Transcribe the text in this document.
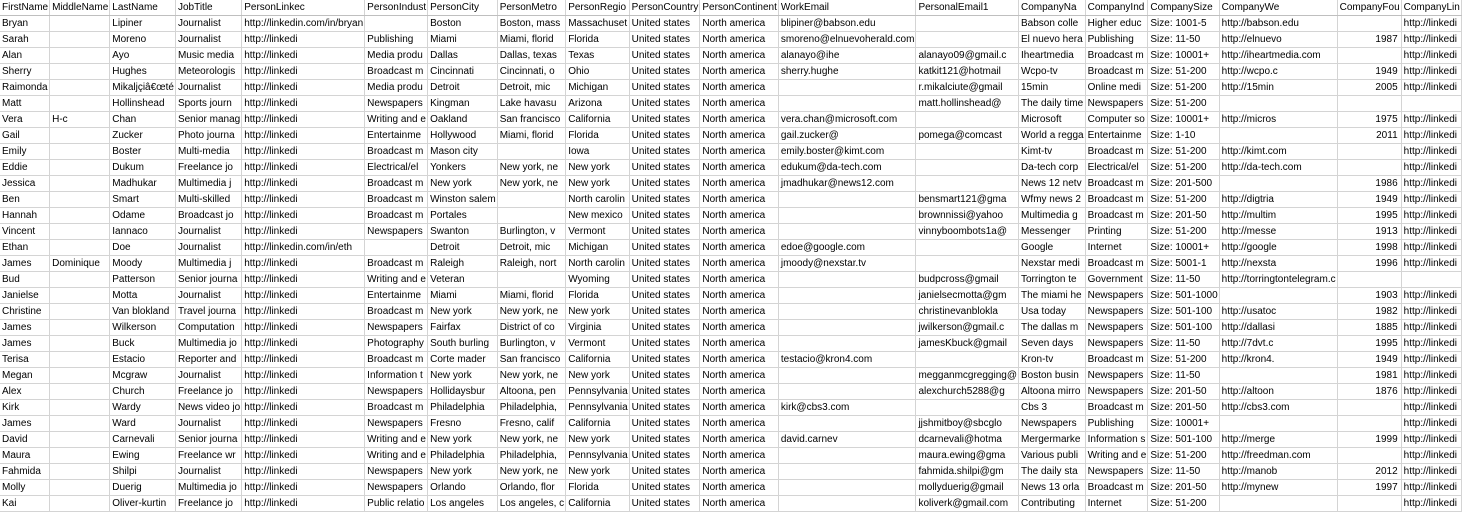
FirstName	MiddleName	LastName	JobTitle	PersonLinkec	PersonIndust	PersonCity	PersonMetro	PersonRegio	PersonCountry	PersonContinent	WorkEmail	PersonalEmail1	CompanyNa	CompanyInd	CompanySize	CompanyWe	CompanyFou	CompanyLin
Bryan		Lipiner	Journalist	http://linkedin.com/in/bryan		Boston	Boston, mass	Massachuset	United states	North america	blipiner@babson.edu		Babson colle	Higher educ	Size: 1001-5	http://babson.edu		http://linkedi
Sarah		Moreno	Journalist	http://linkedi	Publishing	Miami	Miami, florid	Florida	United states	North america	smoreno@elnuevoherald.com		El nuevo hera	Publishing	Size: 11-50	http://elnuevo	1987	http://linkedi
Alan		Ayo	Music media	http://linkedi	Media produ	Dallas	Dallas, texas	Texas	United states	North america	alanayo@ihe	alanayo09@gmail.c	Iheartmedia	Broadcast m	Size: 10001+	http://iheartmedia.com		http://linkedi
Sherry		Hughes	Meteorologis	http://linkedi	Broadcast m	Cincinnati	Cincinnati, o	Ohio	United states	North america	sherry.hughe	katkit121@hotmail	Wcpo-tv	Broadcast m	Size: 51-200	http://wcpo.c	1949	http://linkedi
Raimonda		Mikaljçiâ€œté	Journalist	http://linkedi	Media produ	Detroit	Detroit, mic	Michigan	United states	North america		r.mikalciute@gmail	15min	Online medi	Size: 51-200	http://15min	2005	http://linkedi
Matt		Hollinshead	Sports journ	http://linkedi	Newspapers	Kingman	Lake havasu	Arizona	United states	North america		matt.hollinshead@	The daily time	Newspapers	Size: 51-200			
Vera	H-c	Chan	Senior manag	http://linkedi	Writing and e	Oakland	San francisco	California	United states	North america	vera.chan@microsoft.com		Microsoft	Computer so	Size: 10001+	http://micros	1975	http://linkedi
Gail		Zucker	Photo journa	http://linkedi	Entertainme	Hollywood	Miami, florid	Florida	United states	North america	gail.zucker@	pomega@comcast	World a regga	Entertainme	Size: 1-10		2011	http://linkedi
Emily		Boster	Multi-media	http://linkedi	Broadcast m	Mason city		Iowa	United states	North america	emily.boster@kimt.com		Kimt-tv	Broadcast m	Size: 51-200	http://kimt.com		http://linkedi
Eddie		Dukum	Freelance jo	http://linkedi	Electrical/el	Yonkers	New york, ne	New york	United states	North america	edukum@da-tech.com		Da-tech corp	Electrical/el	Size: 51-200	http://da-tech.com		http://linkedi
Jessica		Madhukar	Multimedia j	http://linkedi	Broadcast m	New york	New york, ne	New york	United states	North america	jmadhukar@news12.com		News 12 netv	Broadcast m	Size: 201-500		1986	http://linkedi
Ben		Smart	Multi-skilled	http://linkedi	Broadcast m	Winston salem		North carolin	United states	North america		bensmart121@gma	Wfmy news 2	Broadcast m	Size: 51-200	http://digtria	1949	http://linkedi
Hannah		Odame	Broadcast jo	http://linkedi	Broadcast m	Portales		New mexico	United states	North america		brownnissi@yahoo	Multimedia g	Broadcast m	Size: 201-50	http://multim	1995	http://linkedi
Vincent		Iannaco	Journalist	http://linkedi	Newspapers	Swanton	Burlington, v	Vermont	United states	North america		vinnyboombots1a@	Messenger	Printing	Size: 51-200	http://messe	1913	http://linkedi
Ethan		Doe	Journalist	http://linkedin.com/in/eth		Detroit	Detroit, mic	Michigan	United states	North america	edoe@google.com		Google	Internet	Size: 10001+	http://google	1998	http://linkedi
James	Dominique	Moody	Multimedia j	http://linkedi	Broadcast m	Raleigh	Raleigh, nort	North carolin	United states	North america	jmoody@nexstar.tv		Nexstar medi	Broadcast m	Size: 5001-1	http://nexsta	1996	http://linkedi
Bud		Patterson	Senior journa	http://linkedi	Writing and e	Veteran		Wyoming	United states	North america		budpcross@gmail	Torrington te	Government	Size: 11-50	http://torringtontelegram.c		
Janielse		Motta	Journalist	http://linkedi	Entertainme	Miami	Miami, florid	Florida	United states	North america		janielsecmotta@gm	The miami he	Newspapers	Size: 501-1000		1903	http://linkedi
Christine		Van blokland	Travel journa	http://linkedi	Broadcast m	New york	New york, ne	New york	United states	North america		christinevanblokla	Usa today	Newspapers	Size: 501-100	http://usatoc	1982	http://linkedi
James		Wilkerson	Computation	http://linkedi	Newspapers	Fairfax	District of co	Virginia	United states	North america		jwilkerson@gmail.c	The dallas m	Newspapers	Size: 501-100	http://dallasi	1885	http://linkedi
James		Buck	Multimedia jo	http://linkedi	Photography	South burling	Burlington, v	Vermont	United states	North america		jamesKbuck@gmail	Seven days	Newspapers	Size: 11-50	http://7dvt.c	1995	http://linkedi
Terisa		Estacio	Reporter and	http://linkedi	Broadcast m	Corte mader	San francisco	California	United states	North america	testacio@kron4.com		Kron-tv	Broadcast m	Size: 51-200	http://kron4.	1949	http://linkedi
Megan		Mcgraw	Journalist	http://linkedi	Information t	New york	New york, ne	New york	United states	North america		megganmcgregging@	Boston busin	Newspapers	Size: 11-50		1981	http://linkedi
Alex		Church	Freelance jo	http://linkedi	Newspapers	Hollidaysbur	Altoona, pen	Pennsylvania	United states	North america		alexchurch5288@g	Altoona mirro	Newspapers	Size: 201-50	http://altoon	1876	http://linkedi
Kirk		Wardy	News video jo	http://linkedi	Broadcast m	Philadelphia	Philadelphia,	Pennsylvania	United states	North america	kirk@cbs3.com		Cbs 3	Broadcast m	Size: 201-50	http://cbs3.com		http://linkedi
James		Ward	Journalist	http://linkedi	Newspapers	Fresno	Fresno, calif	California	United states	North america		jjshmitboy@sbcglo	Newspapers	Publishing	Size: 10001+			http://linkedi
David		Carnevali	Senior journa	http://linkedi	Writing and e	New york	New york, ne	New york	United states	North america	david.carnev	dcarnevali@hotma	Mergermarke	Information s	Size: 501-100	http://merge	1999	http://linkedi
Maura		Ewing	Freelance wr	http://linkedi	Writing and e	Philadelphia	Philadelphia,	Pennsylvania	United states	North america		maura.ewing@gma	Various publi	Writing and e	Size: 51-200	http://freedman.com		http://linkedi
Fahmida		Shilpi	Journalist	http://linkedi	Newspapers	New york	New york, ne	New york	United states	North america		fahmida.shilpi@gm	The daily sta	Newspapers	Size: 11-50	http://manob	2012	http://linkedi
Molly		Duerig	Multimedia jo	http://linkedi	Newspapers	Orlando	Orlando, flor	Florida	United states	North america		mollyduerig@gmail	News 13 orla	Broadcast m	Size: 201-50	http://mynew	1997	http://linkedi
Kai		Oliver-kurtin	Freelance jo	http://linkedi	Public relatio	Los angeles	Los angeles, c	California	United states	North america		koliverk@gmail.com	Contributing	Internet	Size: 51-200			http://linkedi
